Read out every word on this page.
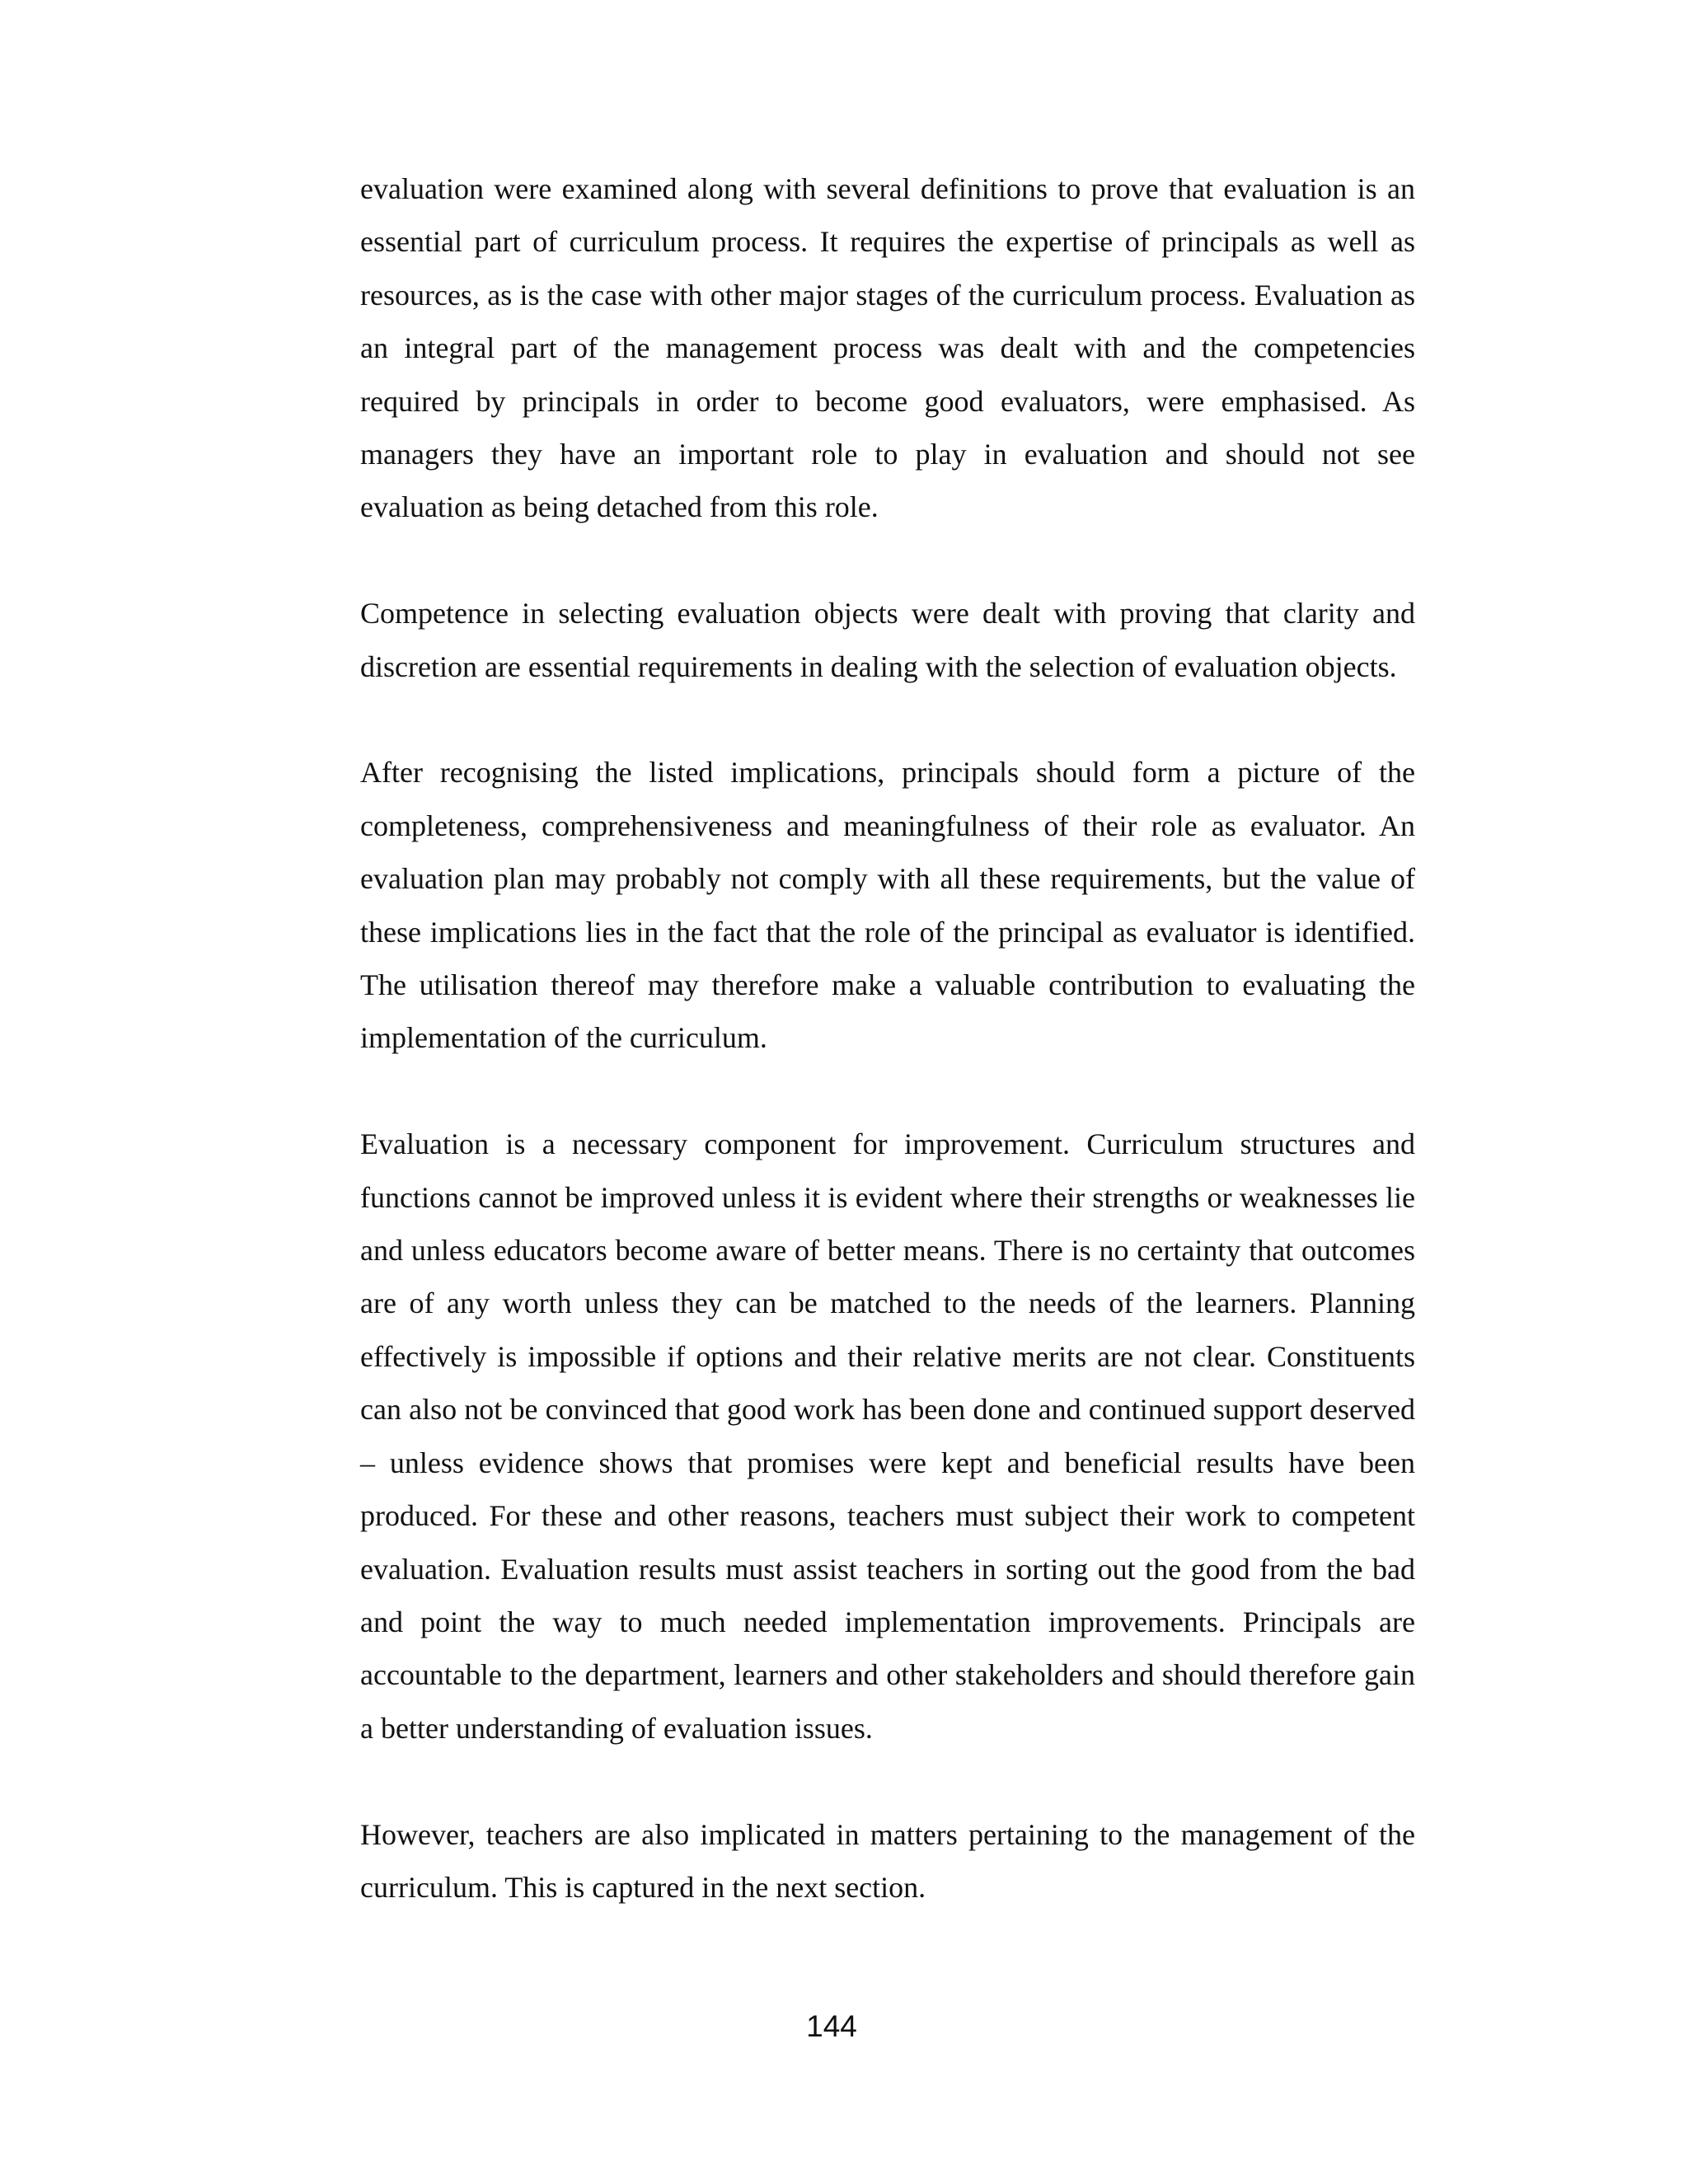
evaluation were examined along with several definitions to prove that evaluation is an essential part of curriculum process. It requires the expertise of principals as well as resources, as is the case with other major stages of the curriculum process. Evaluation as an integral part of the management process was dealt with and the competencies required by principals in order to become good evaluators, were emphasised. As managers they have an important role to play in evaluation and should not see evaluation as being detached from this role.

Competence in selecting evaluation objects were dealt with proving that clarity and discretion are essential requirements in dealing with the selection of evaluation objects.

After recognising the listed implications, principals should form a picture of the completeness, comprehensiveness and meaningfulness of their role as evaluator. An evaluation plan may probably not comply with all these requirements, but the value of these implications lies in the fact that the role of the principal as evaluator is identified. The utilisation thereof may therefore make a valuable contribution to evaluating the implementation of the curriculum.

Evaluation is a necessary component for improvement. Curriculum structures and functions cannot be improved unless it is evident where their strengths or weaknesses lie and unless educators become aware of better means. There is no certainty that outcomes are of any worth unless they can be matched to the needs of the learners. Planning effectively is impossible if options and their relative merits are not clear. Constituents can also not be convinced that good work has been done and continued support deserved – unless evidence shows that promises were kept and beneficial results have been produced. For these and other reasons, teachers must subject their work to competent evaluation. Evaluation results must assist teachers in sorting out the good from the bad and point the way to much needed implementation improvements. Principals are accountable to the department, learners and other stakeholders and should therefore gain a better understanding of evaluation issues.

However, teachers are also implicated in matters pertaining to the management of the curriculum. This is captured in the next section.

144
